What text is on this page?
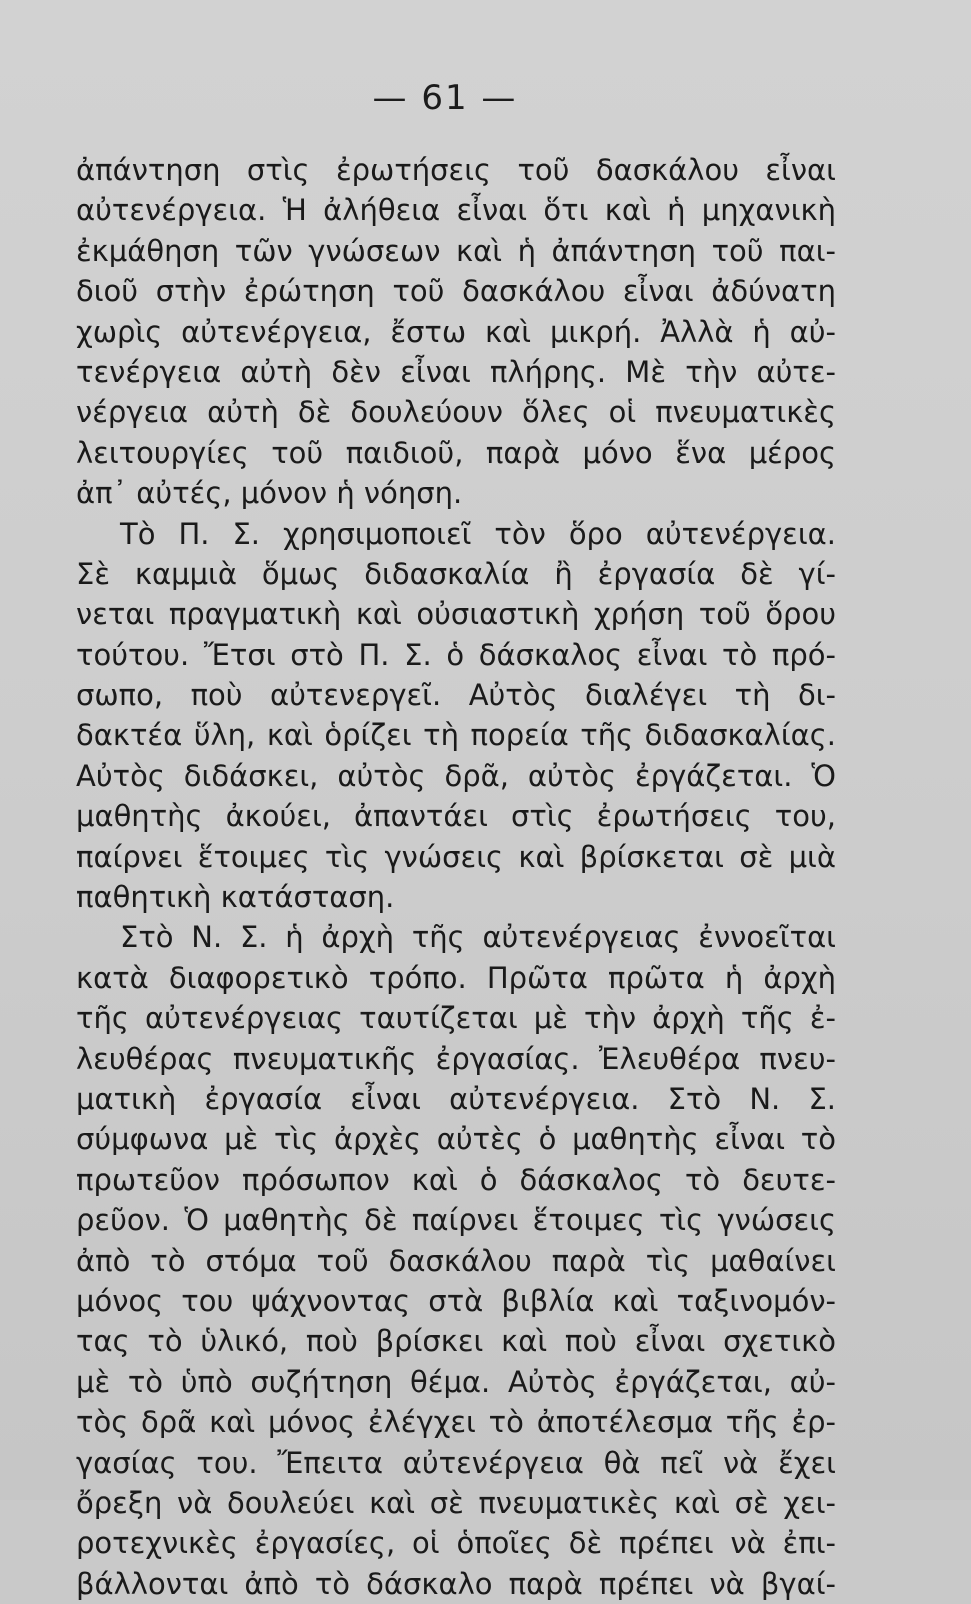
— 61 —
ἀπάντηση στὶς ἐρωτήσεις τοῦ δασκάλου εἶναι
αὐτενέργεια. Ἡ ἀλήθεια εἶναι ὅτι καὶ ἡ μηχανικὴ
ἐκμάθηση τῶν γνώσεων καὶ ἡ ἀπάντηση τοῦ παι-
διοῦ στὴν ἐρώτηση τοῦ δασκάλου εἶναι ἀδύνατη
χωρὶς αὐτενέργεια, ἔστω καὶ μικρή. Ἀλλὰ ἡ αὐ-
τενέργεια αὐτὴ δὲν εἶναι πλήρης. Μὲ τὴν αὐτε-
νέργεια αὐτὴ δὲ δουλεύουν ὅλες οἱ πνευματικὲς
λειτουργίες τοῦ παιδιοῦ, παρὰ μόνο ἕνα μέρος
ἀπ᾽ αὐτές, μόνον ἡ νόηση.
Τὸ Π. Σ. χρησιμοποιεῖ τὸν ὅρο αὐτενέργεια.
Σὲ καμμιὰ ὅμως διδασκαλία ἢ ἐργασία δὲ γί-
νεται πραγματικὴ καὶ οὐσιαστικὴ χρήση τοῦ ὅρου
τούτου. Ἔτσι στὸ Π. Σ. ὁ δάσκαλος εἶναι τὸ πρό-
σωπο, ποὺ αὐτενεργεῖ. Αὐτὸς διαλέγει τὴ δι-
δακτέα ὕλη, καὶ ὁρίζει τὴ πορεία τῆς διδασκαλίας.
Αὐτὸς διδάσκει, αὐτὸς δρᾶ, αὐτὸς ἐργάζεται. Ὁ
μαθητὴς ἀκούει, ἀπαντάει στὶς ἐρωτήσεις του,
παίρνει ἕτοιμες τὶς γνώσεις καὶ βρίσκεται σὲ μιὰ
παθητικὴ κατάσταση.
Στὸ Ν. Σ. ἡ ἀρχὴ τῆς αὐτενέργειας ἐννοεῖται
κατὰ διαφορετικὸ τρόπο. Πρῶτα πρῶτα ἡ ἀρχὴ
τῆς αὐτενέργειας ταυτίζεται μὲ τὴν ἀρχὴ τῆς ἐ-
λευθέρας πνευματικῆς ἐργασίας. Ἐλευθέρα πνευ-
ματικὴ ἐργασία εἶναι αὐτενέργεια. Στὸ Ν. Σ.
σύμφωνα μὲ τὶς ἀρχὲς αὐτὲς ὁ μαθητὴς εἶναι τὸ
πρωτεῦον πρόσωπον καὶ ὁ δάσκαλος τὸ δευτε-
ρεῦον. Ὁ μαθητὴς δὲ παίρνει ἕτοιμες τὶς γνώσεις
ἀπὸ τὸ στόμα τοῦ δασκάλου παρὰ τὶς μαθαίνει
μόνος του ψάχνοντας στὰ βιβλία καὶ ταξινομόν-
τας τὸ ὑλικό, ποὺ βρίσκει καὶ ποὺ εἶναι σχετικὸ
μὲ τὸ ὑπὸ συζήτηση θέμα. Αὐτὸς ἐργάζεται, αὐ-
τὸς δρᾶ καὶ μόνος ἐλέγχει τὸ ἀποτέλεσμα τῆς ἐρ-
γασίας του. Ἔπειτα αὐτενέργεια θὰ πεῖ νὰ ἔχει
ὄρεξη νὰ δουλεύει καὶ σὲ πνευματικὲς καὶ σὲ χει-
ροτεχνικὲς ἐργασίες, οἱ ὁποῖες δὲ πρέπει νὰ ἐπι-
βάλλονται ἀπὸ τὸ δάσκαλο παρὰ πρέπει νὰ βγαί-
